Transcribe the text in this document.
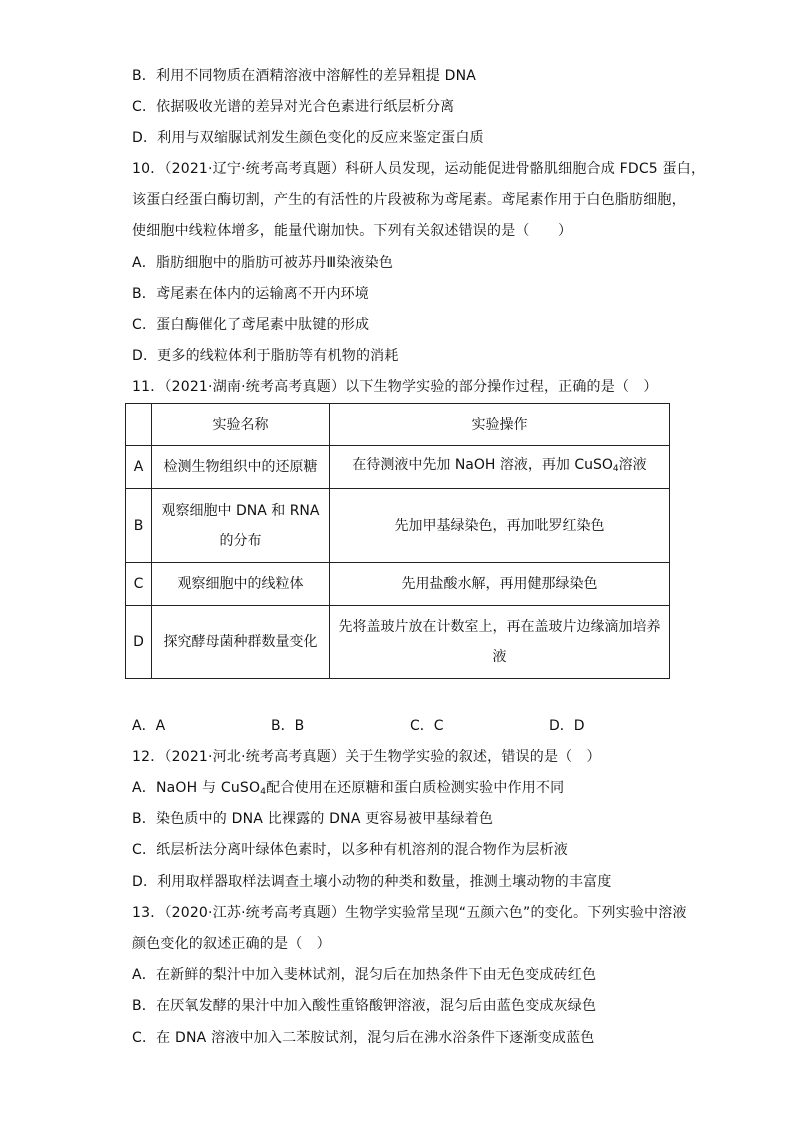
B．利用不同物质在酒精溶液中溶解性的差异粗提 DNA
C．依据吸收光谱的差异对光合色素进行纸层析分离
D．利用与双缩脲试剂发生颜色变化的反应来鉴定蛋白质
10．（2021·辽宁·统考高考真题）科研人员发现，运动能促进骨骼肌细胞合成 FDC5 蛋白，
该蛋白经蛋白酶切割，产生的有活性的片段被称为鸢尾素。鸢尾素作用于白色脂肪细胞，
使细胞中线粒体增多，能量代谢加快。下列有关叙述错误的是（　　）
A．脂肪细胞中的脂肪可被苏丹Ⅲ染液染色
B．鸢尾素在体内的运输离不开内环境
C．蛋白酶催化了鸢尾素中肽键的形成
D．更多的线粒体利于脂肪等有机物的消耗
11．（2021·湖南·统考高考真题）以下生物学实验的部分操作过程，正确的是（　）
	实验名称	实验操作
A	检测生物组织中的还原糖	在待测液中先加 NaOH 溶液，再加 CuSO$_4$溶液
B	观察细胞中 DNA 和 RNA
的分布	先加甲基绿染色，再加吡罗红染色
C	观察细胞中的线粒体	先用盐酸水解，再用健那绿染色
D	探究酵母菌种群数量变化	先将盖玻片放在计数室上，再在盖玻片边缘滴加培养
液
A．A	B．B	C．C	D．D
12．（2021·河北·统考高考真题）关于生物学实验的叙述，错误的是（　）
A．NaOH 与 CuSO$_4$配合使用在还原糖和蛋白质检测实验中作用不同
B．染色质中的 DNA 比裸露的 DNA 更容易被甲基绿着色
C．纸层析法分离叶绿体色素时，以多种有机溶剂的混合物作为层析液
D．利用取样器取样法调查土壤小动物的种类和数量，推测土壤动物的丰富度
13．（2020·江苏·统考高考真题）生物学实验常呈现“五颜六色”的变化。下列实验中溶液
颜色变化的叙述正确的是（　）
A．在新鲜的梨汁中加入斐林试剂，混匀后在加热条件下由无色变成砖红色
B．在厌氧发酵的果汁中加入酸性重铬酸钾溶液，混匀后由蓝色变成灰绿色
C．在 DNA 溶液中加入二苯胺试剂，混匀后在沸水浴条件下逐渐变成蓝色
